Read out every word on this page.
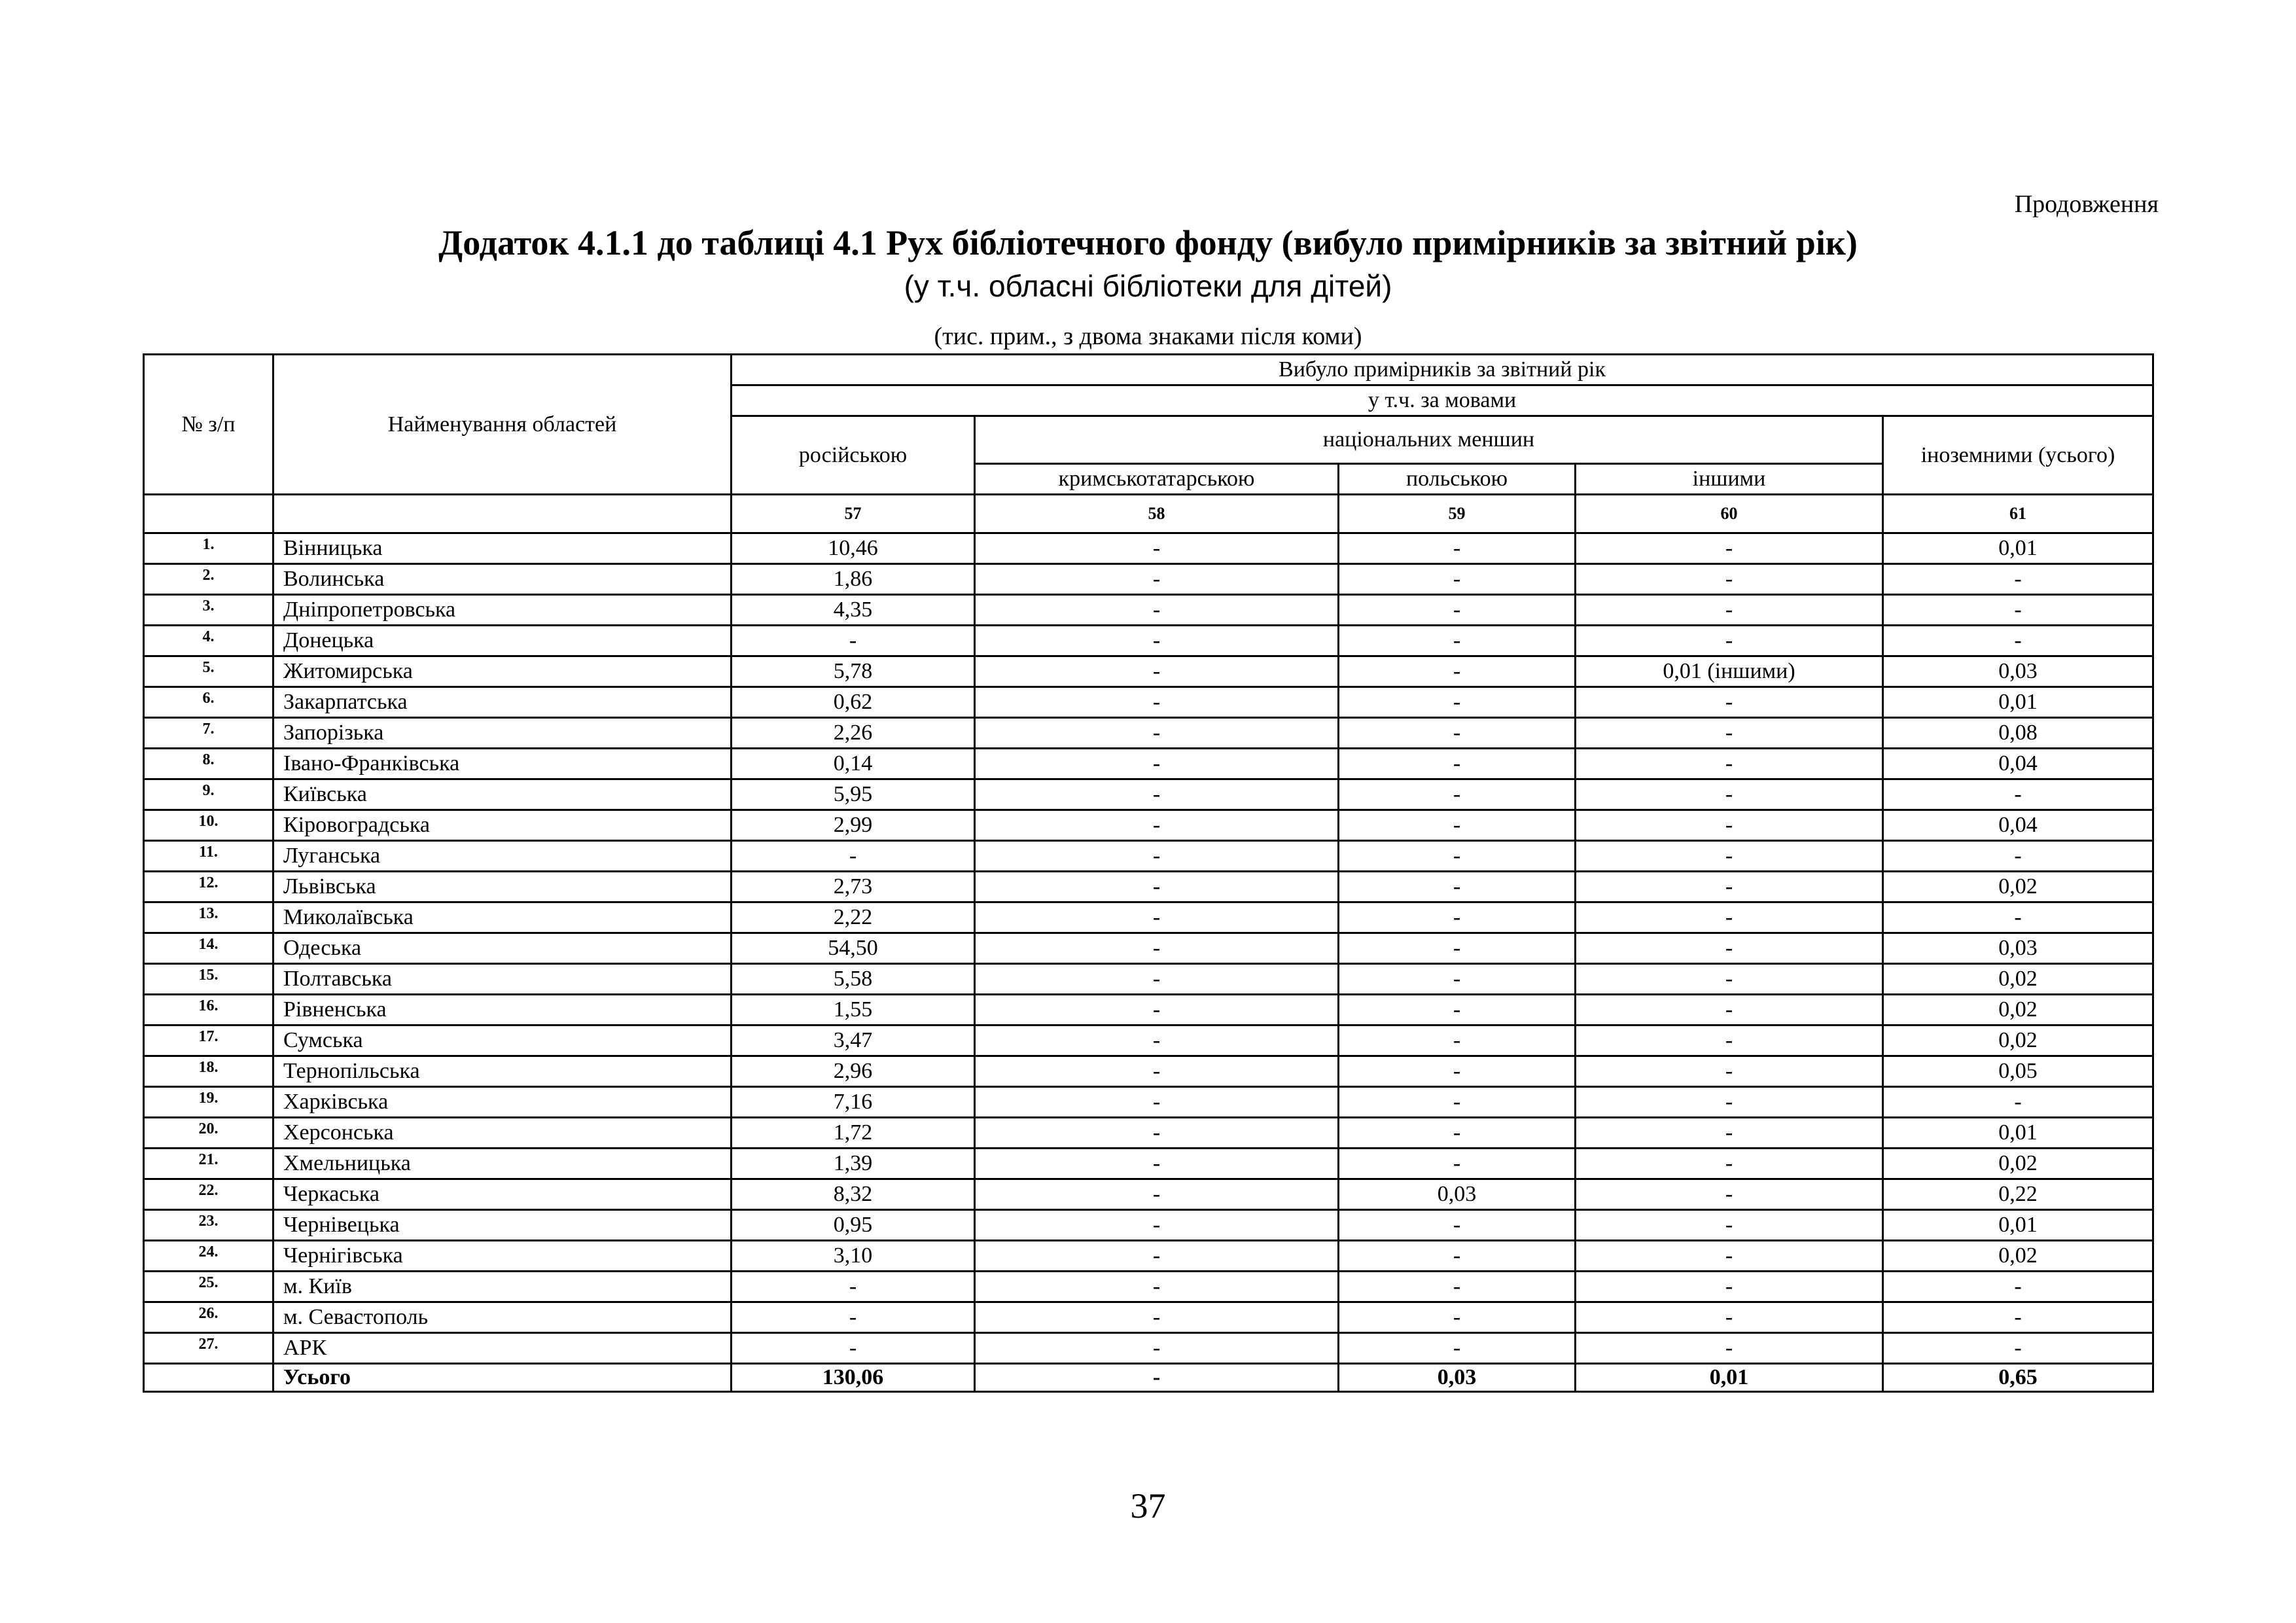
Продовження
Додаток 4.1.1 до таблиці 4.1 Рух бібліотечного фонду (вибуло примірників за звітний рік)
(у т.ч. обласні бібліотеки для дітей)
(тис. прим., з двома знаками після коми)
№ з/п	Найменування областей	Вибуло примірників за звітний рік				
		у т.ч. за мовами				
		російською	національних меншин			іноземними (усього)
			кримськотатарською	польською	іншими	
		57	58	59	60	61
1.	Вінницька	10,46	-	-	-	0,01
2.	Волинська	1,86	-	-	-	-
3.	Дніпропетровська	4,35	-	-	-	-
4.	Донецька	-	-	-	-	-
5.	Житомирська	5,78	-	-	0,01 (іншими)	0,03
6.	Закарпатська	0,62	-	-	-	0,01
7.	Запорізька	2,26	-	-	-	0,08
8.	Івано-Франківська	0,14	-	-	-	0,04
9.	Київська	5,95	-	-	-	-
10.	Кіровоградська	2,99	-	-	-	0,04
11.	Луганська	-	-	-	-	-
12.	Львівська	2,73	-	-	-	0,02
13.	Миколаївська	2,22	-	-	-	-
14.	Одеська	54,50	-	-	-	0,03
15.	Полтавська	5,58	-	-	-	0,02
16.	Рівненська	1,55	-	-	-	0,02
17.	Сумська	3,47	-	-	-	0,02
18.	Тернопільська	2,96	-	-	-	0,05
19.	Харківська	7,16	-	-	-	-
20.	Херсонська	1,72	-	-	-	0,01
21.	Хмельницька	1,39	-	-	-	0,02
22.	Черкаська	8,32	-	0,03	-	0,22
23.	Чернівецька	0,95	-	-	-	0,01
24.	Чернігівська	3,10	-	-	-	0,02
25.	м. Київ	-	-	-	-	-
26.	м. Севастополь	-	-	-	-	-
27.	АРК	-	-	-	-	-
	Усього	130,06	-	0,03	0,01	0,65
37
